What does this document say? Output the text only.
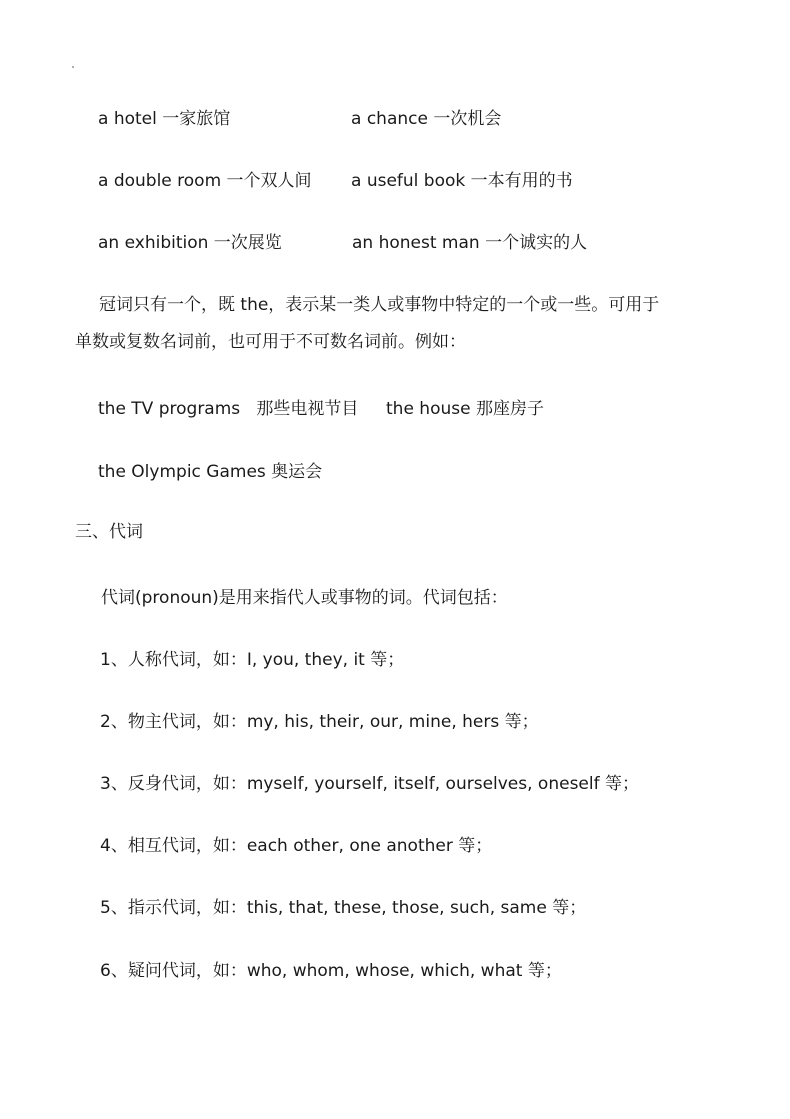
a hotel 一家旅馆	a chance 一次机会
a double room 一个双人间 a useful book 一本有用的书
an exhibition 一次展览	an honest man 一个诚实的人
冠词只有一个，既 the，表示某一类人或事物中特定的一个或一些。可用于
单数或复数名词前，也可用于不可数名词前。例如：
the TV programs   那些电视节目 the house 那座房子
the Olympic Games 奥运会
三、代词
代词(pronoun)是用来指代人或事物的词。代词包括：
1、人称代词，如：I, you, they, it 等；
2、物主代词，如：my, his, their, our, mine, hers 等；
3、反身代词，如：myself, yourself, itself, ourselves, oneself 等；
4、相互代词，如：each other, one another 等；
5、指示代词，如：this, that, these, those, such, same 等；
6、疑问代词，如：who, whom, whose, which, what 等；
